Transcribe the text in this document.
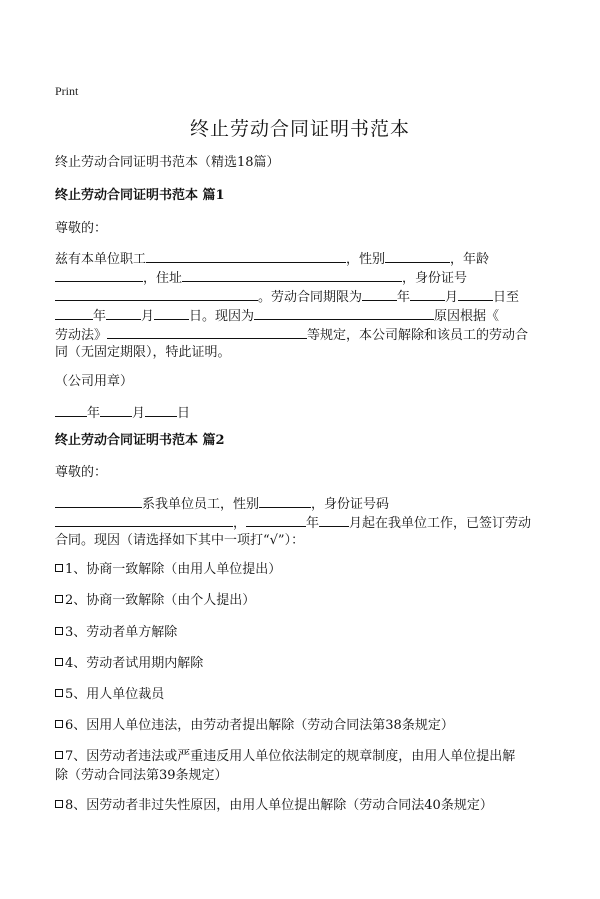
Print
终止劳动合同证明书范本
终止劳动合同证明书范本（精选18篇）
终止劳动合同证明书范本 篇1
尊敬的：
兹有本单位职工	，性别	，年龄
，住址	，身份证号
。劳动合同期限为	年	月	日至
年	月	日。现因为	原因根据《
劳动法》	等规定，本公司解除和该员工的劳动合
同（无固定期限），特此证明。
（公司用章）
年 月 日
终止劳动合同证明书范本 篇2
尊敬的：
系我单位员工，性别	，身份证号码
，	年 月起在我单位工作，已签订劳动
合同。现因（请选择如下其中一项打“√”）：
1、协商一致解除（由用人单位提出）
2、协商一致解除（由个人提出）
3、劳动者单方解除
4、劳动者试用期内解除
5、用人单位裁员
6、因用人单位违法，由劳动者提出解除（劳动合同法第38条规定）
7、因劳动者违法或严重违反用人单位依法制定的规章制度，由用人单位提出解
除（劳动合同法第39条规定）
8、因劳动者非过失性原因，由用人单位提出解除（劳动合同法40条规定）
